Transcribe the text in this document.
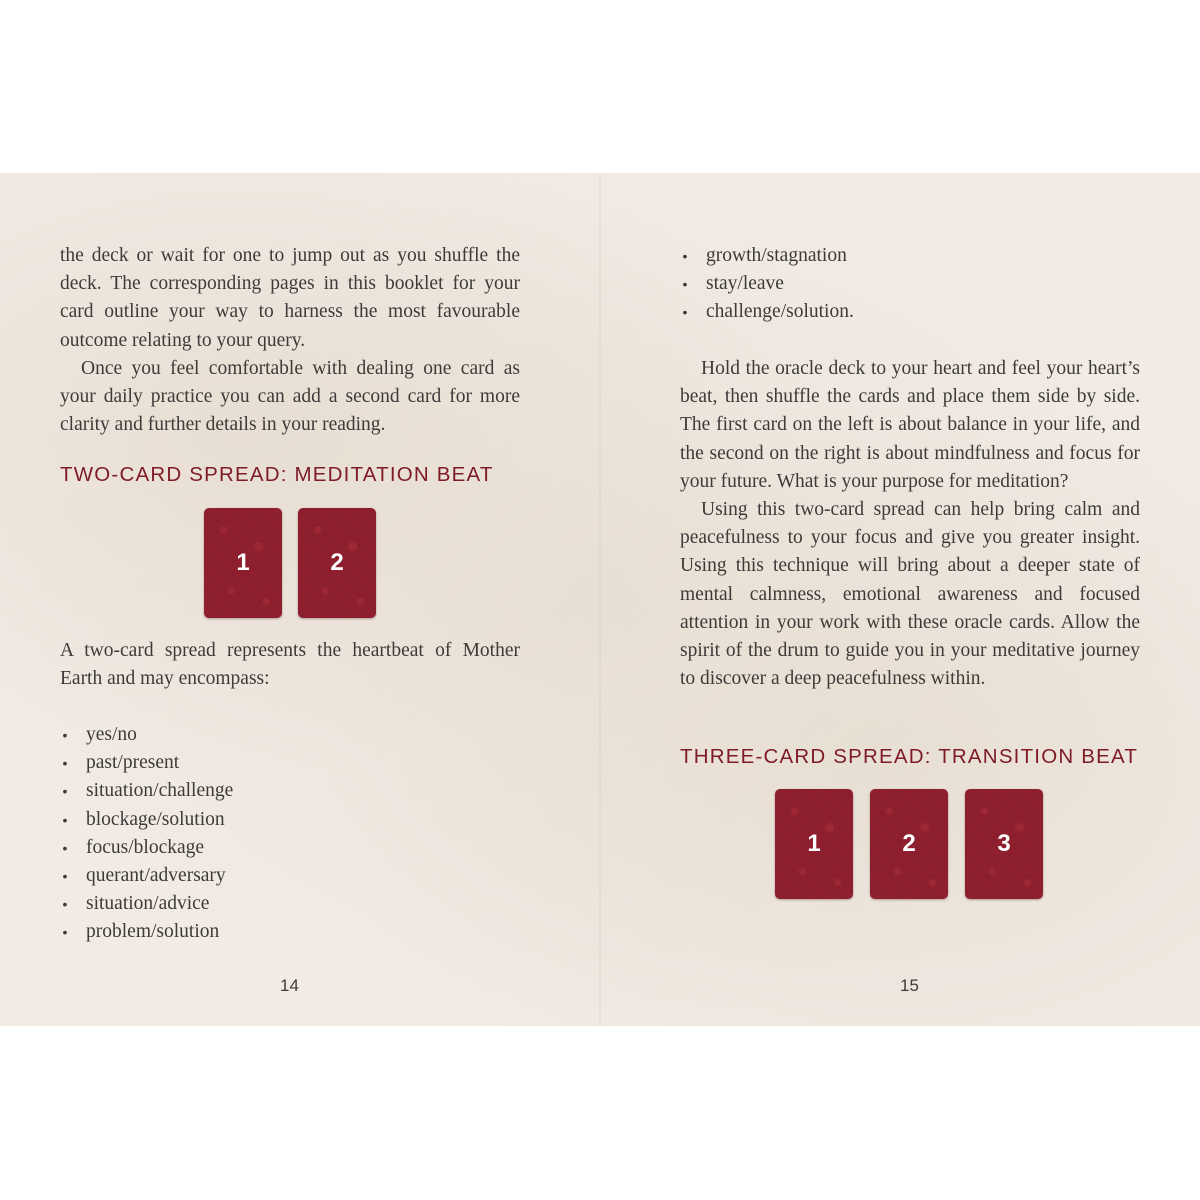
the deck or wait for one to jump out as you shuffle the deck. The corresponding pages in this booklet for your card outline your way to harness the most favourable outcome relating to your query.

Once you feel comfortable with dealing one card as your daily practice you can add a second card for more clarity and further details in your reading.

TWO-CARD SPREAD: MEDITATION BEAT
1	2

A two-card spread represents the heartbeat of Mother Earth and may encompass:

• yes/no
• past/present
• situation/challenge
• blockage/solution
• focus/blockage
• querant/adversary
• situation/advice
• problem/solution

14

• growth/stagnation
• stay/leave
• challenge/solution.

Hold the oracle deck to your heart and feel your heart’s beat, then shuffle the cards and place them side by side. The first card on the left is about balance in your life, and the second on the right is about mindfulness and focus for your future. What is your purpose for meditation?

Using this two-card spread can help bring calm and peacefulness to your focus and give you greater insight. Using this technique will bring about a deeper state of mental calmness, emotional awareness and focused attention in your work with these oracle cards. Allow the spirit of the drum to guide you in your meditative journey to discover a deep peacefulness within.

THREE-CARD SPREAD: TRANSITION BEAT
1	2	3

15
